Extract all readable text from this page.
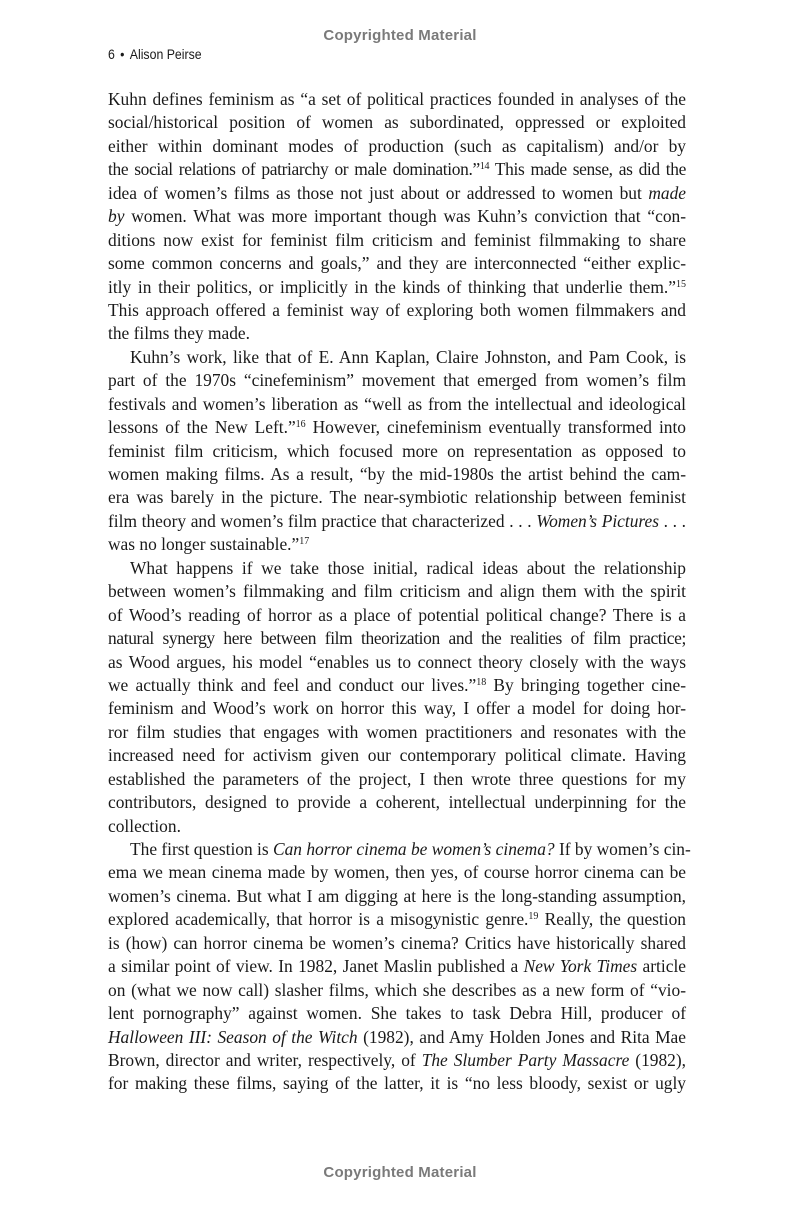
Copyrighted Material
6 • Alison Peirse
Kuhn defines feminism as “a set of political practices founded in analyses of the
social/historical position of women as subordinated, oppressed or exploited
either within dominant modes of production (such as capitalism) and/or by
the social relations of patriarchy or male domination.”$^{14}$ This made sense, as did the
idea of women’s films as those not just about or addressed to women but made
by women. What was more important though was Kuhn’s conviction that “con-
ditions now exist for feminist film criticism and feminist filmmaking to share
some common concerns and goals,” and they are interconnected “either explic-
itly in their politics, or implicitly in the kinds of thinking that underlie them.”$^{15}$
This approach offered a feminist way of exploring both women filmmakers and
the films they made.
Kuhn’s work, like that of E. Ann Kaplan, Claire Johnston, and Pam Cook, is
part of the 1970s “cinefeminism” movement that emerged from women’s film
festivals and women’s liberation as “well as from the intellectual and ideological
lessons of the New Left.”$^{16}$ However, cinefeminism eventually transformed into
feminist film criticism, which focused more on representation as opposed to
women making films. As a result, “by the mid-1980s the artist behind the cam-
era was barely in the picture. The near-symbiotic relationship between feminist
film theory and women’s film practice that characterized . . . Women’s Pictures . . .
was no longer sustainable.”$^{17}$
What happens if we take those initial, radical ideas about the relationship
between women’s filmmaking and film criticism and align them with the spirit
of Wood’s reading of horror as a place of potential political change? There is a
natural synergy here between film theorization and the realities of film practice;
as Wood argues, his model “enables us to connect theory closely with the ways
we actually think and feel and conduct our lives.”$^{18}$ By bringing together cine-
feminism and Wood’s work on horror this way, I offer a model for doing hor-
ror film studies that engages with women practitioners and resonates with the
increased need for activism given our contemporary political climate. Having
established the parameters of the project, I then wrote three questions for my
contributors, designed to provide a coherent, intellectual underpinning for the
collection.
The first question is Can horror cinema be women’s cinema? If by women’s cin-
ema we mean cinema made by women, then yes, of course horror cinema can be
women’s cinema. But what I am digging at here is the long-standing assumption,
explored academically, that horror is a misogynistic genre.$^{19}$ Really, the question
is (how) can horror cinema be women’s cinema? Critics have historically shared
a similar point of view. In 1982, Janet Maslin published a New York Times article
on (what we now call) slasher films, which she describes as a new form of “vio-
lent pornography” against women. She takes to task Debra Hill, producer of
Halloween III: Season of the Witch (1982), and Amy Holden Jones and Rita Mae
Brown, director and writer, respectively, of The Slumber Party Massacre (1982),
for making these films, saying of the latter, it is “no less bloody, sexist or ugly
Copyrighted Material
